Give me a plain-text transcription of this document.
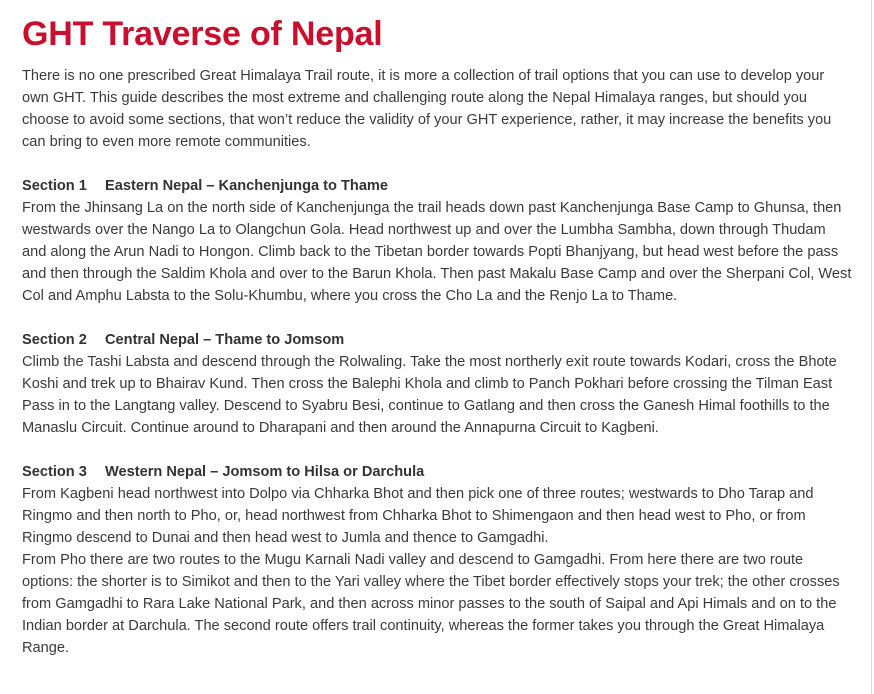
GHT Traverse of Nepal

There is no one prescribed Great Himalaya Trail route, it is more a collection of trail options that you can use to develop your own GHT. This guide describes the most extreme and challenging route along the Nepal Himalaya ranges, but should you choose to avoid some sections, that won’t reduce the validity of your GHT experience, rather, it may increase the benefits you can bring to even more remote communities.

Section 1 Eastern Nepal – Kanchenjunga to Thame

From the Jhinsang La on the north side of Kanchenjunga the trail heads down past Kanchenjunga Base Camp to Ghunsa, then westwards over the Nango La to Olangchun Gola. Head northwest up and over the Lumbha Sambha, down through Thudam and along the Arun Nadi to Hongon. Climb back to the Tibetan border towards Popti Bhanjyang, but head west before the pass and then through the Saldim Khola and over to the Barun Khola. Then past Makalu Base Camp and over the Sherpani Col, West Col and Amphu Labsta to the Solu-Khumbu, where you cross the Cho La and the Renjo La to Thame.

Section 2 Central Nepal – Thame to Jomsom

Climb the Tashi Labsta and descend through the Rolwaling. Take the most northerly exit route towards Kodari, cross the Bhote Koshi and trek up to Bhairav Kund. Then cross the Balephi Khola and climb to Panch Pokhari before crossing the Tilman East Pass in to the Langtang valley. Descend to Syabru Besi, continue to Gatlang and then cross the Ganesh Himal foothills to the Manaslu Circuit. Continue around to Dharapani and then around the Annapurna Circuit to Kagbeni.

Section 3 Western Nepal – Jomsom to Hilsa or Darchula

From Kagbeni head northwest into Dolpo via Chharka Bhot and then pick one of three routes; westwards to Dho Tarap and Ringmo and then north to Pho, or, head northwest from Chharka Bhot to Shimengaon and then head west to Pho, or from Ringmo descend to Dunai and then head west to Jumla and thence to Gamgadhi.

From Pho there are two routes to the Mugu Karnali Nadi valley and descend to Gamgadhi. From here there are two route options: the shorter is to Simikot and then to the Yari valley where the Tibet border effectively stops your trek; the other crosses from Gamgadhi to Rara Lake National Park, and then across minor passes to the south of Saipal and Api Himals and on to the Indian border at Darchula. The second route offers trail continuity, whereas the former takes you through the Great Himalaya Range.
